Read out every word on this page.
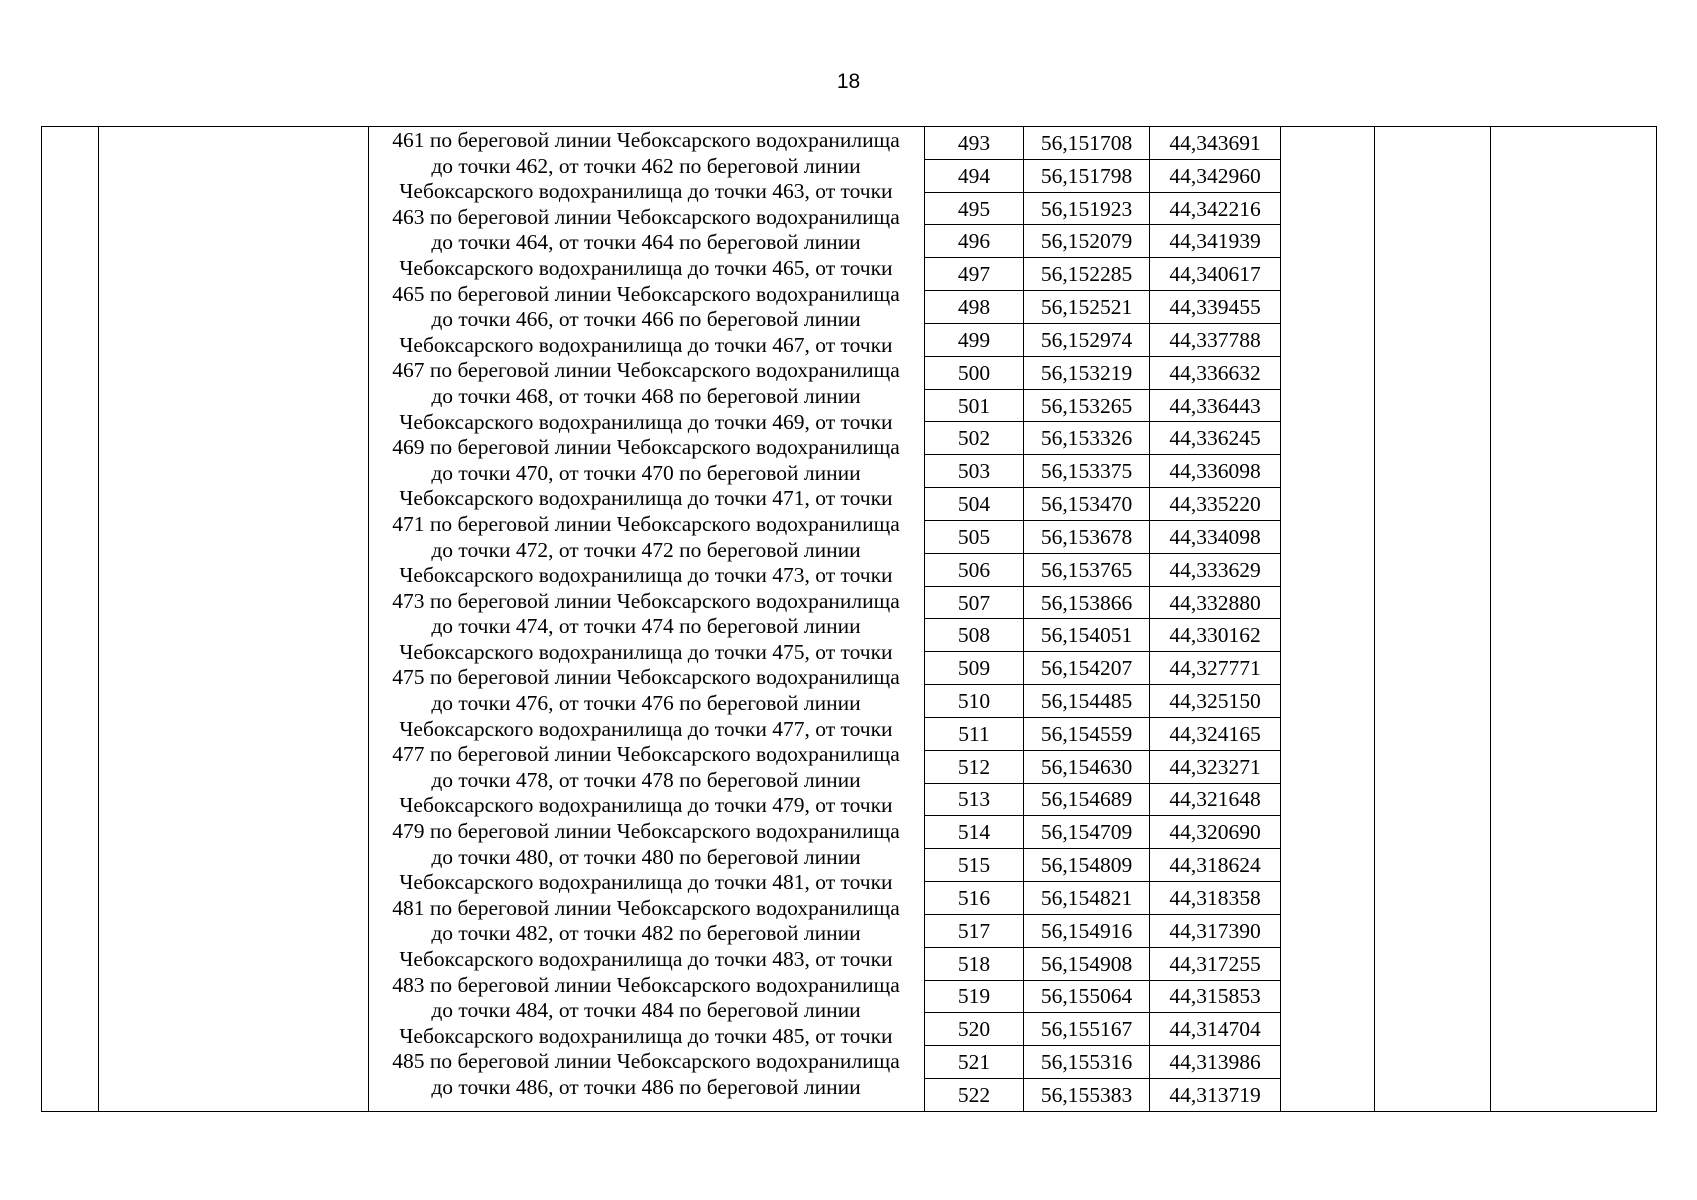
18
461 по береговой линии Чебоксарского водохранилища
до точки 462, от точки 462 по береговой линии
Чебоксарского водохранилища до точки 463, от точки
463 по береговой линии Чебоксарского водохранилища
до точки 464, от точки 464 по береговой линии
Чебоксарского водохранилища до точки 465, от точки
465 по береговой линии Чебоксарского водохранилища
до точки 466, от точки 466 по береговой линии
Чебоксарского водохранилища до точки 467, от точки
467 по береговой линии Чебоксарского водохранилища
до точки 468, от точки 468 по береговой линии
Чебоксарского водохранилища до точки 469, от точки
469 по береговой линии Чебоксарского водохранилища
до точки 470, от точки 470 по береговой линии
Чебоксарского водохранилища до точки 471, от точки
471 по береговой линии Чебоксарского водохранилища
до точки 472, от точки 472 по береговой линии
Чебоксарского водохранилища до точки 473, от точки
473 по береговой линии Чебоксарского водохранилища
до точки 474, от точки 474 по береговой линии
Чебоксарского водохранилища до точки 475, от точки
475 по береговой линии Чебоксарского водохранилища
до точки 476, от точки 476 по береговой линии
Чебоксарского водохранилища до точки 477, от точки
477 по береговой линии Чебоксарского водохранилища
до точки 478, от точки 478 по береговой линии
Чебоксарского водохранилища до точки 479, от точки
479 по береговой линии Чебоксарского водохранилища
до точки 480, от точки 480 по береговой линии
Чебоксарского водохранилища до точки 481, от точки
481 по береговой линии Чебоксарского водохранилища
до точки 482, от точки 482 по береговой линии
Чебоксарского водохранилища до точки 483, от точки
483 по береговой линии Чебоксарского водохранилища
до точки 484, от точки 484 по береговой линии
Чебоксарского водохранилища до точки 485, от точки
485 по береговой линии Чебоксарского водохранилища
до точки 486, от точки 486 по береговой линии
493	56,151708	44,343691
494	56,151798	44,342960
495	56,151923	44,342216
496	56,152079	44,341939
497	56,152285	44,340617
498	56,152521	44,339455
499	56,152974	44,337788
500	56,153219	44,336632
501	56,153265	44,336443
502	56,153326	44,336245
503	56,153375	44,336098
504	56,153470	44,335220
505	56,153678	44,334098
506	56,153765	44,333629
507	56,153866	44,332880
508	56,154051	44,330162
509	56,154207	44,327771
510	56,154485	44,325150
511	56,154559	44,324165
512	56,154630	44,323271
513	56,154689	44,321648
514	56,154709	44,320690
515	56,154809	44,318624
516	56,154821	44,318358
517	56,154916	44,317390
518	56,154908	44,317255
519	56,155064	44,315853
520	56,155167	44,314704
521	56,155316	44,313986
522	56,155383	44,313719
